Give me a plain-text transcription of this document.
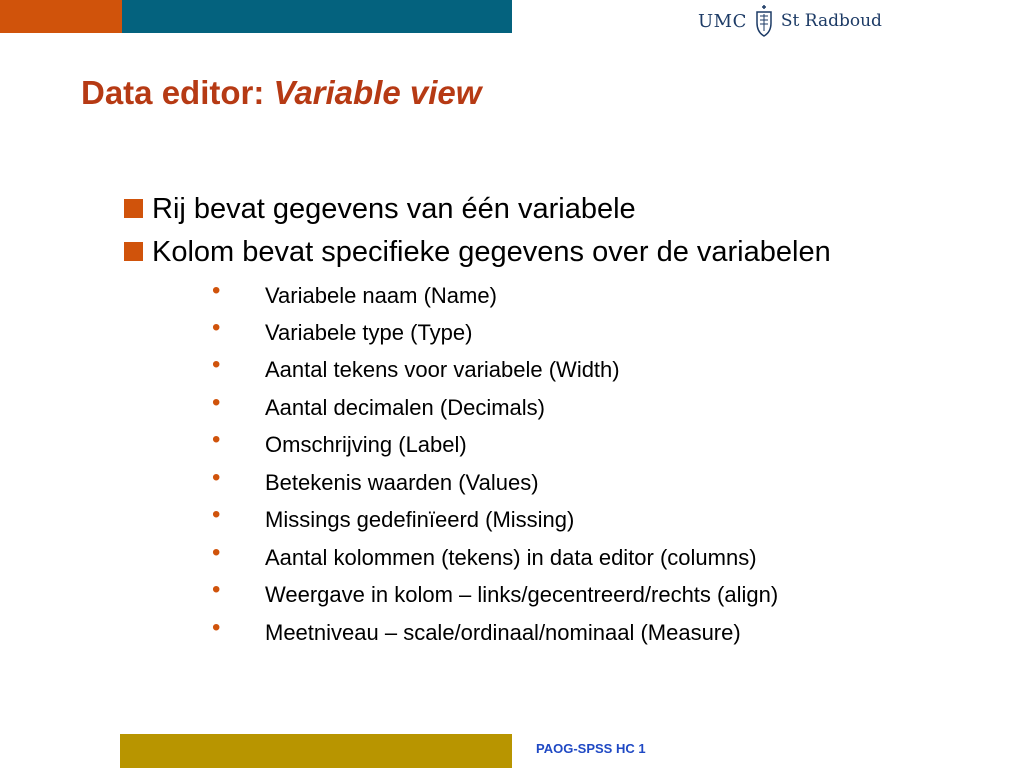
UMC St Radboud
Data editor: Variable view
Rij bevat gegevens van één variabele
Kolom bevat specifieke gegevens over de variabelen
• Variabele naam (Name)
• Variabele type (Type)
• Aantal tekens voor variabele (Width)
• Aantal decimalen (Decimals)
• Omschrijving (Label)
• Betekenis waarden (Values)
• Missings gedefinïeerd (Missing)
• Aantal kolommen (tekens) in data editor (columns)
• Weergave in kolom – links/gecentreerd/rechts (align)
• Meetniveau – scale/ordinaal/nominaal (Measure)
PAOG-SPSS HC 1
